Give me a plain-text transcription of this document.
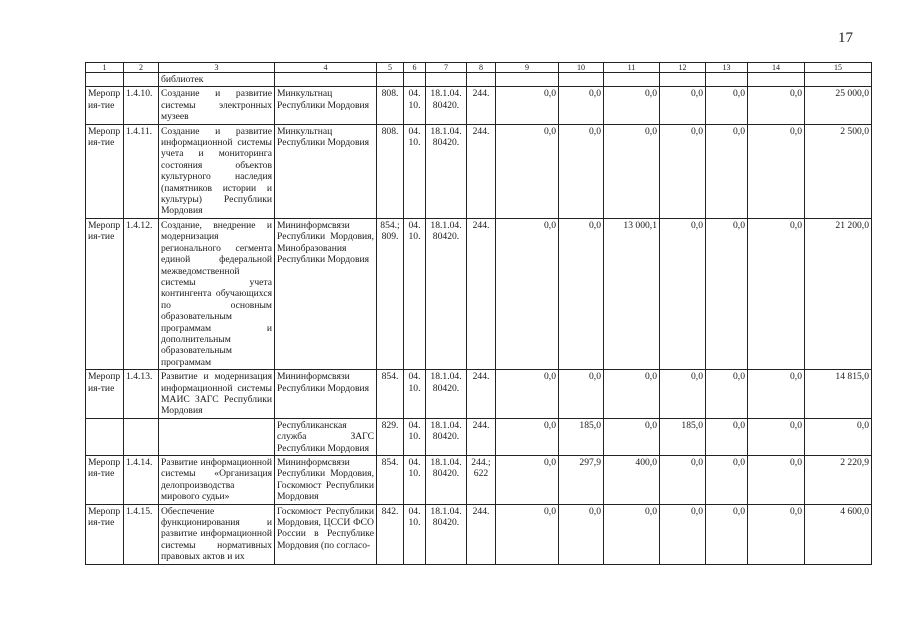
17
1	2	3	4	5	6	7	8	9	10	11	12	13	14	15
		библиотек												
Мероприя-тие	1.4.10.	Создание и развитие системы электронных музеев	Минкультнац Республики Мордовия	808.	04. 10.	18.1.04. 80420.	244.	0,0	0,0	0,0	0,0	0,0	0,0	25 000,0
Мероприя-тие	1.4.11.	Создание и развитие информационной системы учета и мониторинга состояния объектов культурного наследия (памятников истории и культуры) Республики Мордовия	Минкультнац Республики Мордовия	808.	04. 10.	18.1.04. 80420.	244.	0,0	0,0	0,0	0,0	0,0	0,0	2 500,0
Мероприя-тие	1.4.12.	Создание, внедрение и модернизация регионального сегмента единой федеральной межведомственной системы учета контингента обучающихся по основным образовательным программам и дополнительным образовательным программам	Мининформсвязи Республики Мордовия, Минобразования Республики Мордовия	854.; 809.	04. 10.	18.1.04. 80420.	244.	0,0	0,0	13 000,1	0,0	0,0	0,0	21 200,0
Мероприя-тие	1.4.13.	Развитие и модернизация информационной системы МАИС ЗАГС Республики Мордовия	Мининформсвязи Республики Мордовия	854.	04. 10.	18.1.04. 80420.	244.	0,0	0,0	0,0	0,0	0,0	0,0	14 815,0
			Республиканская служба ЗАГС Республики Мордовия	829.	04. 10.	18.1.04. 80420.	244.	0,0	185,0	0,0	185,0	0,0	0,0	0,0
Мероприя-тие	1.4.14.	Развитие информационной системы «Организация делопроизводства мирового судьи»	Мининформсвязи Республики Мордовия, Госкомюст Республики Мордовия	854.	04. 10.	18.1.04. 80420.	244.; 622	0,0	297,9	400,0	0,0	0,0	0,0	2 220,9
Мероприя-тие	1.4.15.	Обеспечение функционирования и развитие информационной системы нормативных правовых актов и их	Госкомюст Республики Мордовия, ЦССИ ФСО России в Республике Мордовия (по согласо-	842.	04. 10.	18.1.04. 80420.	244.	0,0	0,0	0,0	0,0	0,0	0,0	4 600,0
